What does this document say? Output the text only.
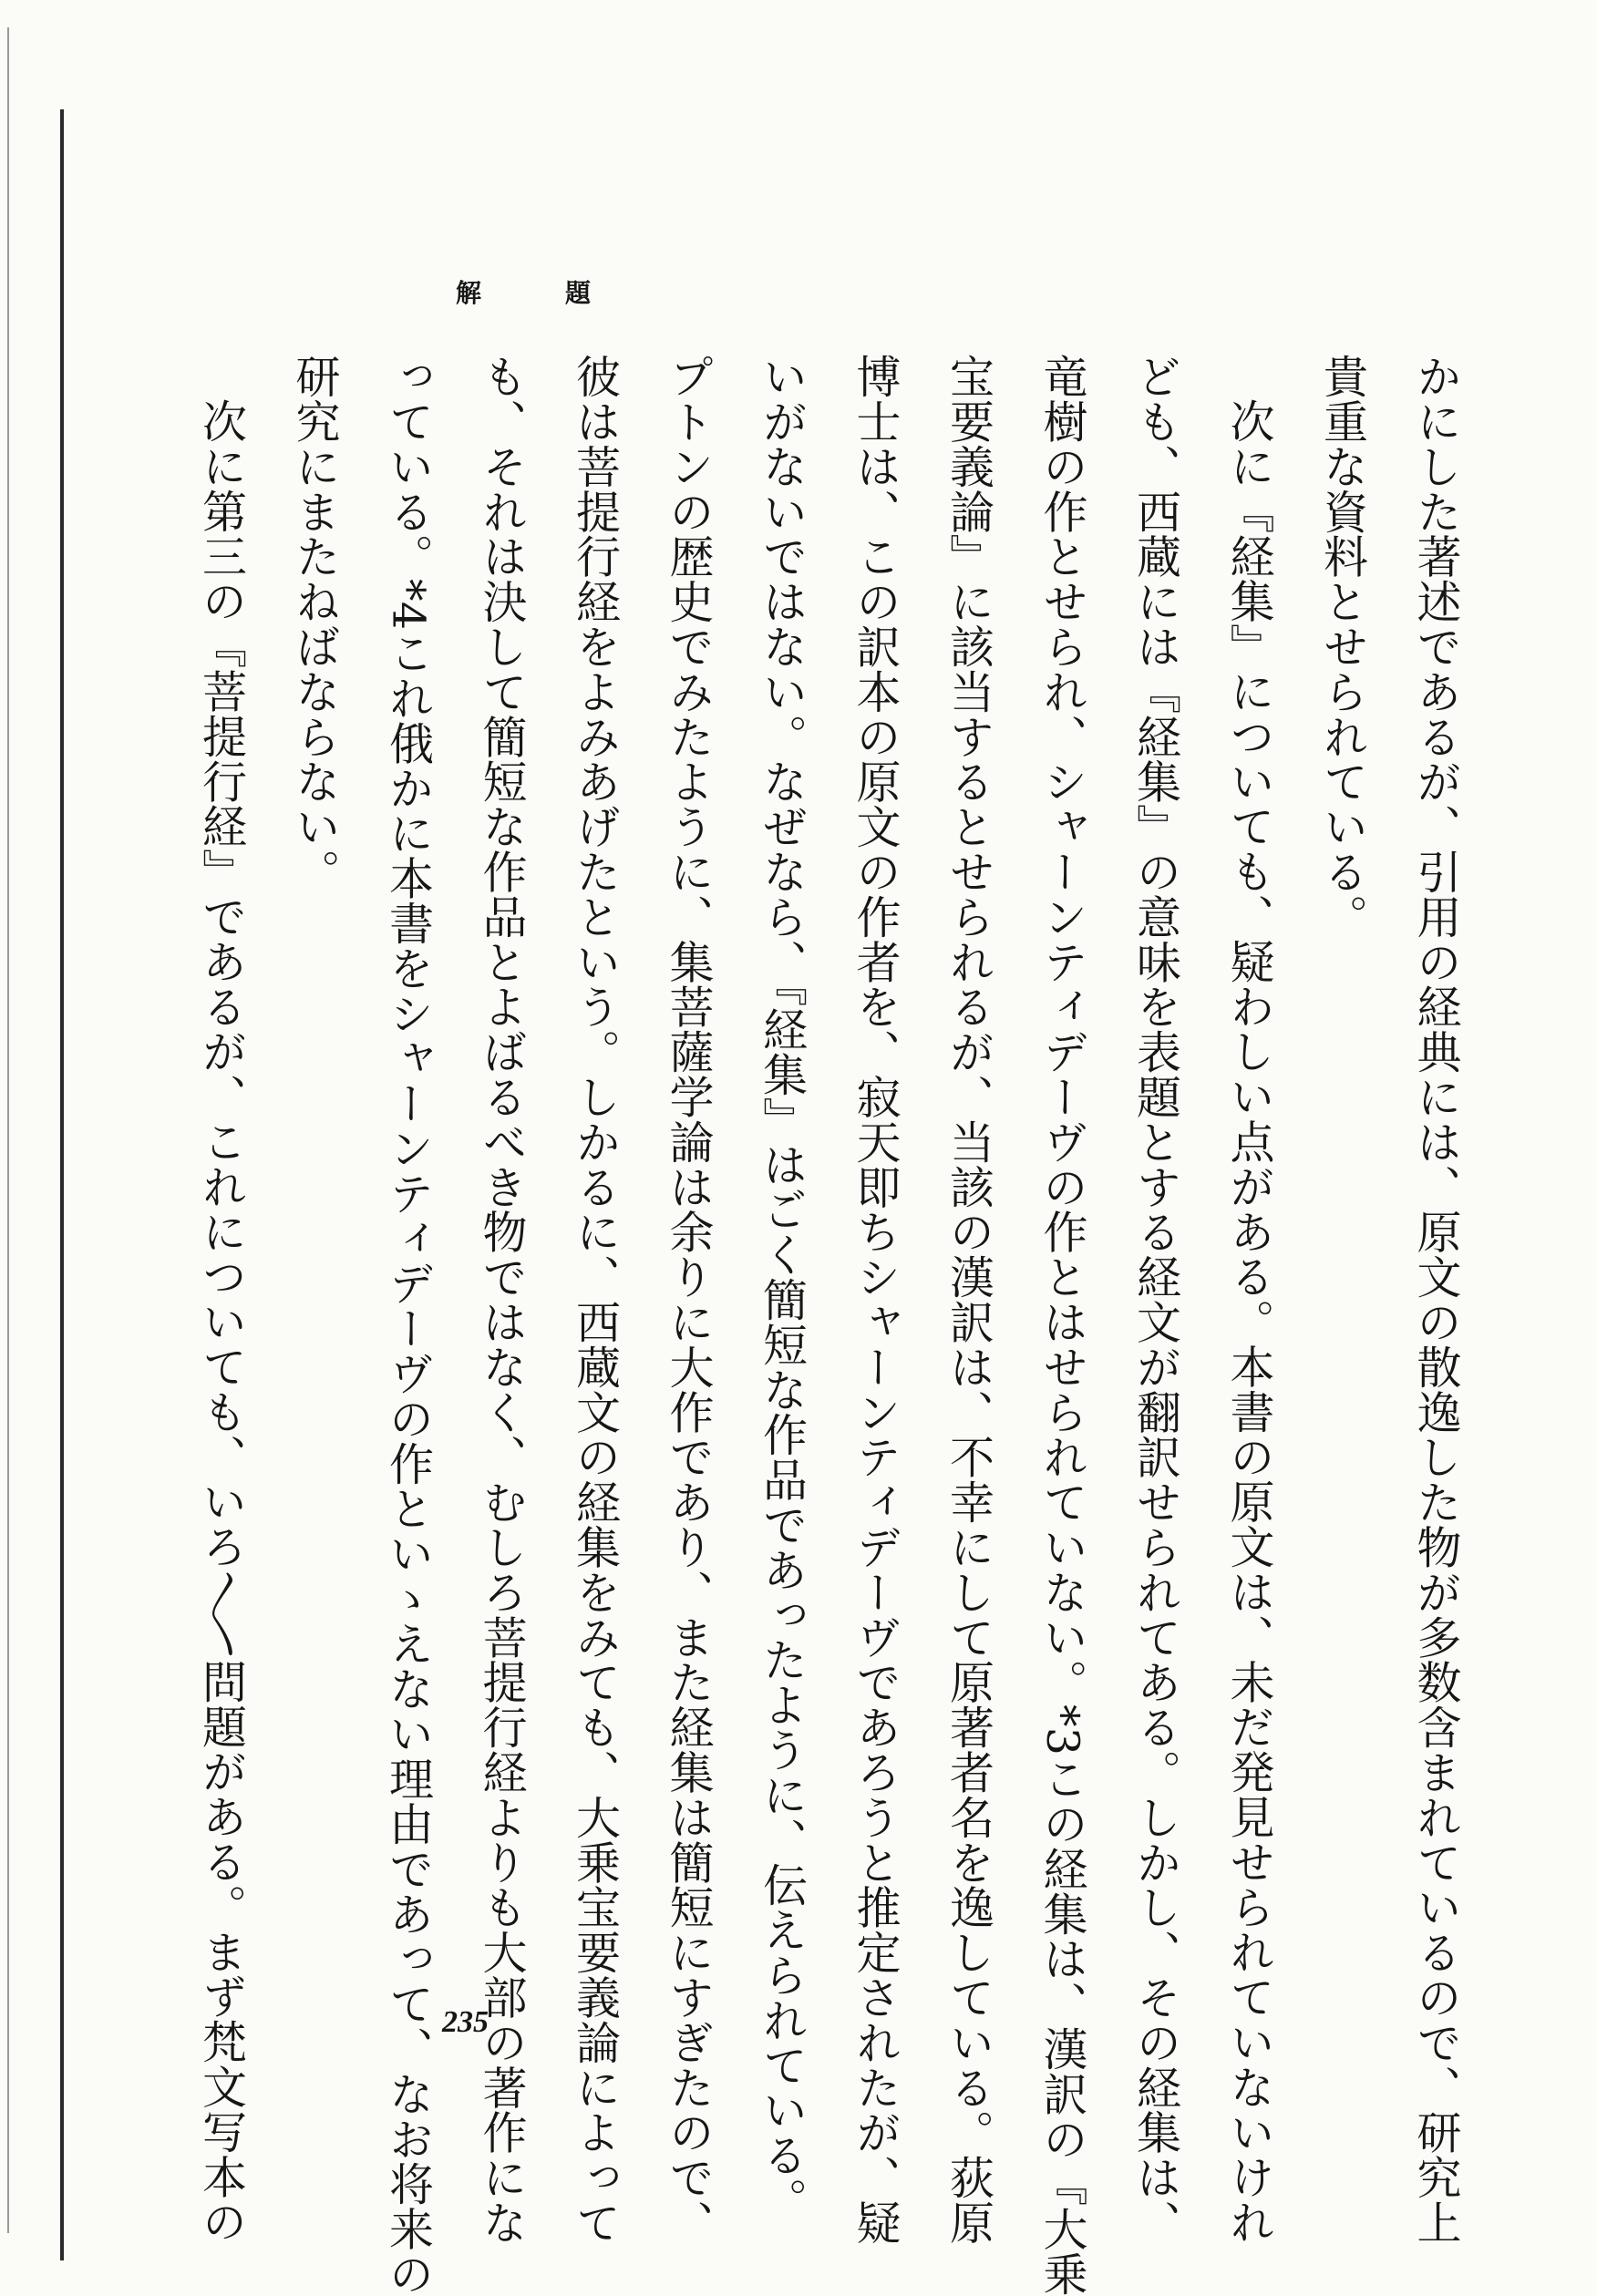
解	題
かにした著述であるが、引用の経典には、原文の散逸した物が多数含まれているので、研究上
貴重な資料とせられている。
次に『経集』についても、疑わしい点がある。本書の原文は、未だ発見せられていないけれ
ども、西蔵には『経集』の意味を表題とする経文が翻訳せられてある。しかし、その経集は、
竜樹の作とせられ、シャーンティデーヴの作とはせられていない。*3この経集は、漢訳の『大乗
宝要義論』に該当するとせられるが、当該の漢訳は、不幸にして原著者名を逸している。荻原
博士は、この訳本の原文の作者を、寂天即ちシャーンティデーヴであろうと推定されたが、疑
いがないではない。なぜなら、『経集』はごく簡短な作品であったように、伝えられている。
プトンの歴史でみたように、集菩薩学論は余りに大作であり、また経集は簡短にすぎたので、
彼は菩提行経をよみあげたという。しかるに、西蔵文の経集をみても、大乗宝要義論によって
も、それは決して簡短な作品とよばるべき物ではなく、むしろ菩提行経よりも大部の著作にな
っている。*4これ俄かに本書をシャーンティデーヴの作といゝえない理由であって、なお将来の
研究にまたねばならない。
次に第三の『菩提行経』であるが、これについても、いろ〳〵問題がある。まず梵文写本の	235
